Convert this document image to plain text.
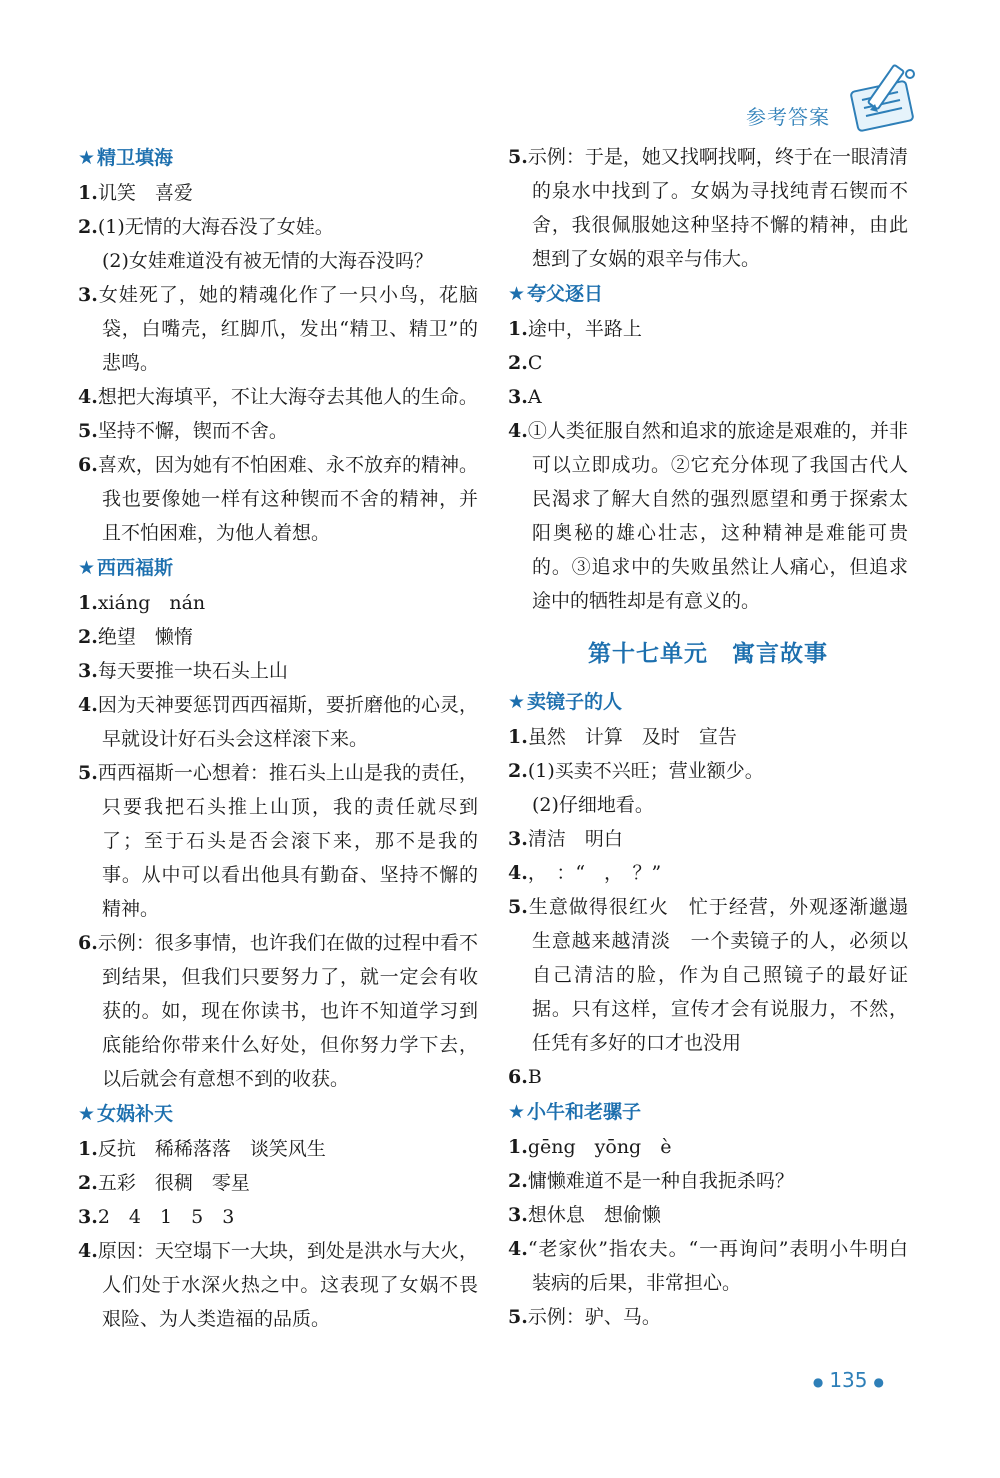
参考答案
★ 精卫填海

1.讥笑　喜爱

2.(1)无情的大海吞没了女娃。

(2)女娃难道没有被无情的大海吞没吗？

3.女娃死了，她的精魂化作了一只小鸟，花脑袋，白嘴壳，红脚爪，发出“精卫、精卫”的悲鸣。

4.想把大海填平，不让大海夺去其他人的生命。

5.坚持不懈，锲而不舍。

6.喜欢，因为她有不怕困难、永不放弃的精神。我也要像她一样有这种锲而不舍的精神，并且不怕困难，为他人着想。

★ 西西福斯

1.xiáng　nán

2.绝望　懒惰

3.每天要推一块石头上山

4.因为天神要惩罚西西福斯，要折磨他的心灵，早就设计好石头会这样滚下来。

5.西西福斯一心想着：推石头上山是我的责任，只要我把石头推上山顶，我的责任就尽到了；至于石头是否会滚下来，那不是我的事。从中可以看出他具有勤奋、坚持不懈的精神。

6.示例：很多事情，也许我们在做的过程中看不到结果，但我们只要努力了，就一定会有收获的。如，现在你读书，也许不知道学习到底能给你带来什么好处，但你努力学下去，以后就会有意想不到的收获。

★ 女娲补天

1.反抗　稀稀落落　谈笑风生

2.五彩　很稠　零星

3.2　4　1　5　3

4.原因：天空塌下一大块，到处是洪水与大火，人们处于水深火热之中。这表现了女娲不畏艰险、为人类造福的品质。

5.示例：于是，她又找啊找啊，终于在一眼清清的泉水中找到了。女娲为寻找纯青石锲而不舍，我很佩服她这种坚持不懈的精神，由此想到了女娲的艰辛与伟大。

★ 夸父逐日

1.途中，半路上

2.C

3.A

4.①人类征服自然和追求的旅途是艰难的，并非可以立即成功。②它充分体现了我国古代人民渴求了解大自然的强烈愿望和勇于探索太阳奥秘的雄心壮志，这种精神是难能可贵的。③追求中的失败虽然让人痛心，但追求途中的牺牲却是有意义的。

第十七单元　寓言故事
★ 卖镜子的人

1.虽然　计算　及时　宣告

2.(1)买卖不兴旺；营业额少。

(2)仔细地看。

3.清洁　明白

4.，　：“　，　？”

5.生意做得很红火　忙于经营，外观逐渐邋遢　生意越来越清淡　一个卖镜子的人，必须以自己清洁的脸，作为自己照镜子的最好证据。只有这样，宣传才会有说服力，不然，任凭有多好的口才也没用

6.B

★ 小牛和老骡子

1.gēng　yōng　è

2.慵懒难道不是一种自我扼杀吗？

3.想休息　想偷懒

4.“老家伙”指农夫。“一再询问”表明小牛明白装病的后果，非常担心。

5.示例：驴、马。

● 135 ●
